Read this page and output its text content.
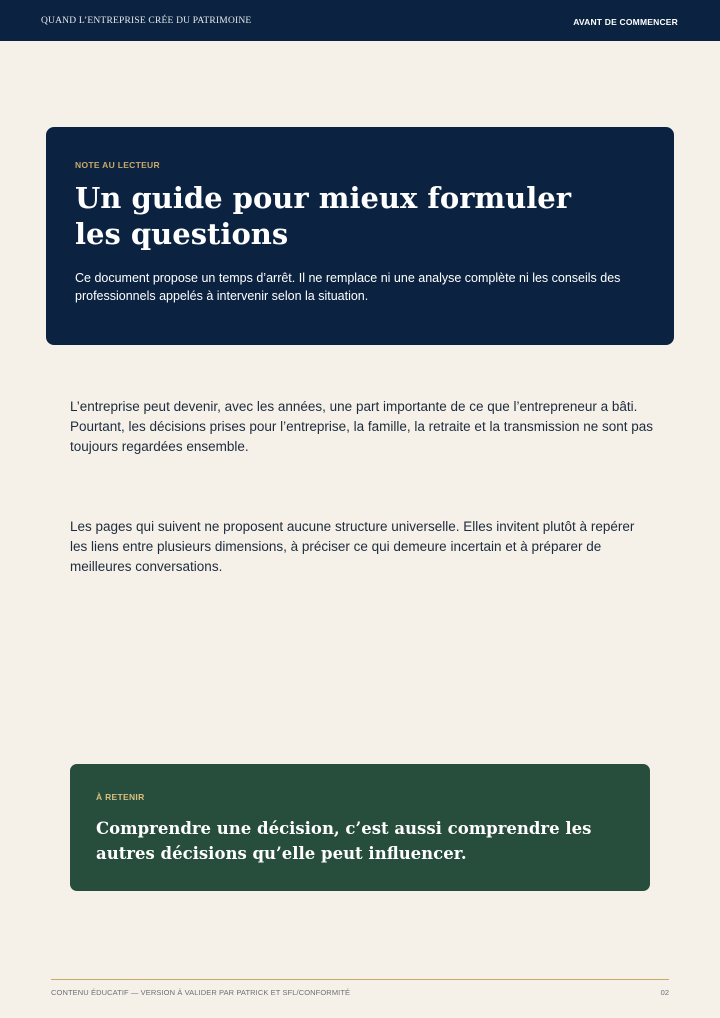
QUAND L’ENTREPRISE CRÉE DU PATRIMOINE	AVANT DE COMMENCER
NOTE AU LECTEUR
Un guide pour mieux formuler les questions
Ce document propose un temps d’arrêt. Il ne remplace ni une analyse complète ni les conseils des professionnels appelés à intervenir selon la situation.
L’entreprise peut devenir, avec les années, une part importante de ce que l’entrepreneur a bâti. Pourtant, les décisions prises pour l’entreprise, la famille, la retraite et la transmission ne sont pas toujours regardées ensemble.
Les pages qui suivent ne proposent aucune structure universelle. Elles invitent plutôt à repérer les liens entre plusieurs dimensions, à préciser ce qui demeure incertain et à préparer de meilleures conversations.
À RETENIR
Comprendre une décision, c’est aussi comprendre les autres décisions qu’elle peut influencer.
CONTENU ÉDUCATIF — VERSION À VALIDER PAR PATRICK ET SFL/CONFORMITÉ	02
